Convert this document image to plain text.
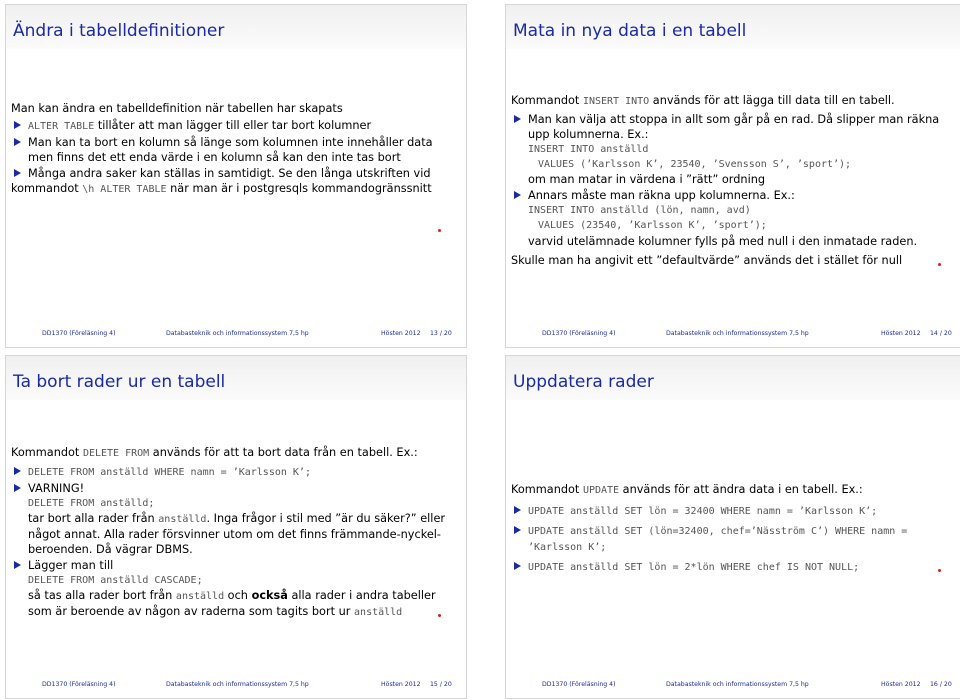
Ändra i tabelldefinitioner
Man kan ändra en tabelldefinition när tabellen har skapats
ALTER TABLE tillåter att man lägger till eller tar bort kolumner
Man kan ta bort en kolumn så länge som kolumnen inte innehåller data men finns det ett enda värde i en kolumn så kan den inte tas bort
Många andra saker kan ställas in samtidigt. Se den långa utskriften vid kommandot \h ALTER TABLE när man är i postgresqls kommandogränssnitt
DD1370 (Föreläsning 4)	Databasteknik och informationssystem 7,5 hp	Hösten 2012 13 / 20
Mata in nya data i en tabell
Kommandot INSERT INTO används för att lägga till data till en tabell.
Man kan välja att stoppa in allt som går på en rad. Då slipper man räkna upp kolumnerna. Ex.:
INSERT INTO anställd
VALUES (’Karlsson K’, 23540, ’Svensson S’, ’sport’);
om man matar in värdena i ”rätt” ordning
Annars måste man räkna upp kolumnerna. Ex.:
INSERT INTO anställd (lön, namn, avd)
VALUES (23540, ’Karlsson K’, ’sport’);
varvid utelämnade kolumner fylls på med null i den inmatade raden.
Skulle man ha angivit ett ”defaultvärde” används det i stället för null
DD1370 (Föreläsning 4)	Databasteknik och informationssystem 7,5 hp	Hösten 2012 14 / 20
Ta bort rader ur en tabell
Kommandot DELETE FROM används för att ta bort data från en tabell. Ex.:
DELETE FROM anställd WHERE namn = ’Karlsson K’;
VARNING!
DELETE FROM anställd;
tar bort alla rader från anställd. Inga frågor i stil med ”är du säker?” eller något annat. Alla rader försvinner utom om det finns främmande-nyckel-beroenden. Då vägrar DBMS.
Lägger man till
DELETE FROM anställd CASCADE;
så tas alla rader bort från anställd och också alla rader i andra tabeller som är beroende av någon av raderna som tagits bort ur anställd
DD1370 (Föreläsning 4)	Databasteknik och informationssystem 7,5 hp	Hösten 2012 15 / 20
Uppdatera rader
Kommandot UPDATE används för att ändra data i en tabell. Ex.:
UPDATE anställd SET lön = 32400 WHERE namn = ’Karlsson K’;
UPDATE anställd SET (lön=32400, chef=’Näsström C’) WHERE namn = ’Karlsson K’;
UPDATE anställd SET lön = 2*lön WHERE chef IS NOT NULL;
DD1370 (Föreläsning 4)	Databasteknik och informationssystem 7,5 hp	Hösten 2012 16 / 20
